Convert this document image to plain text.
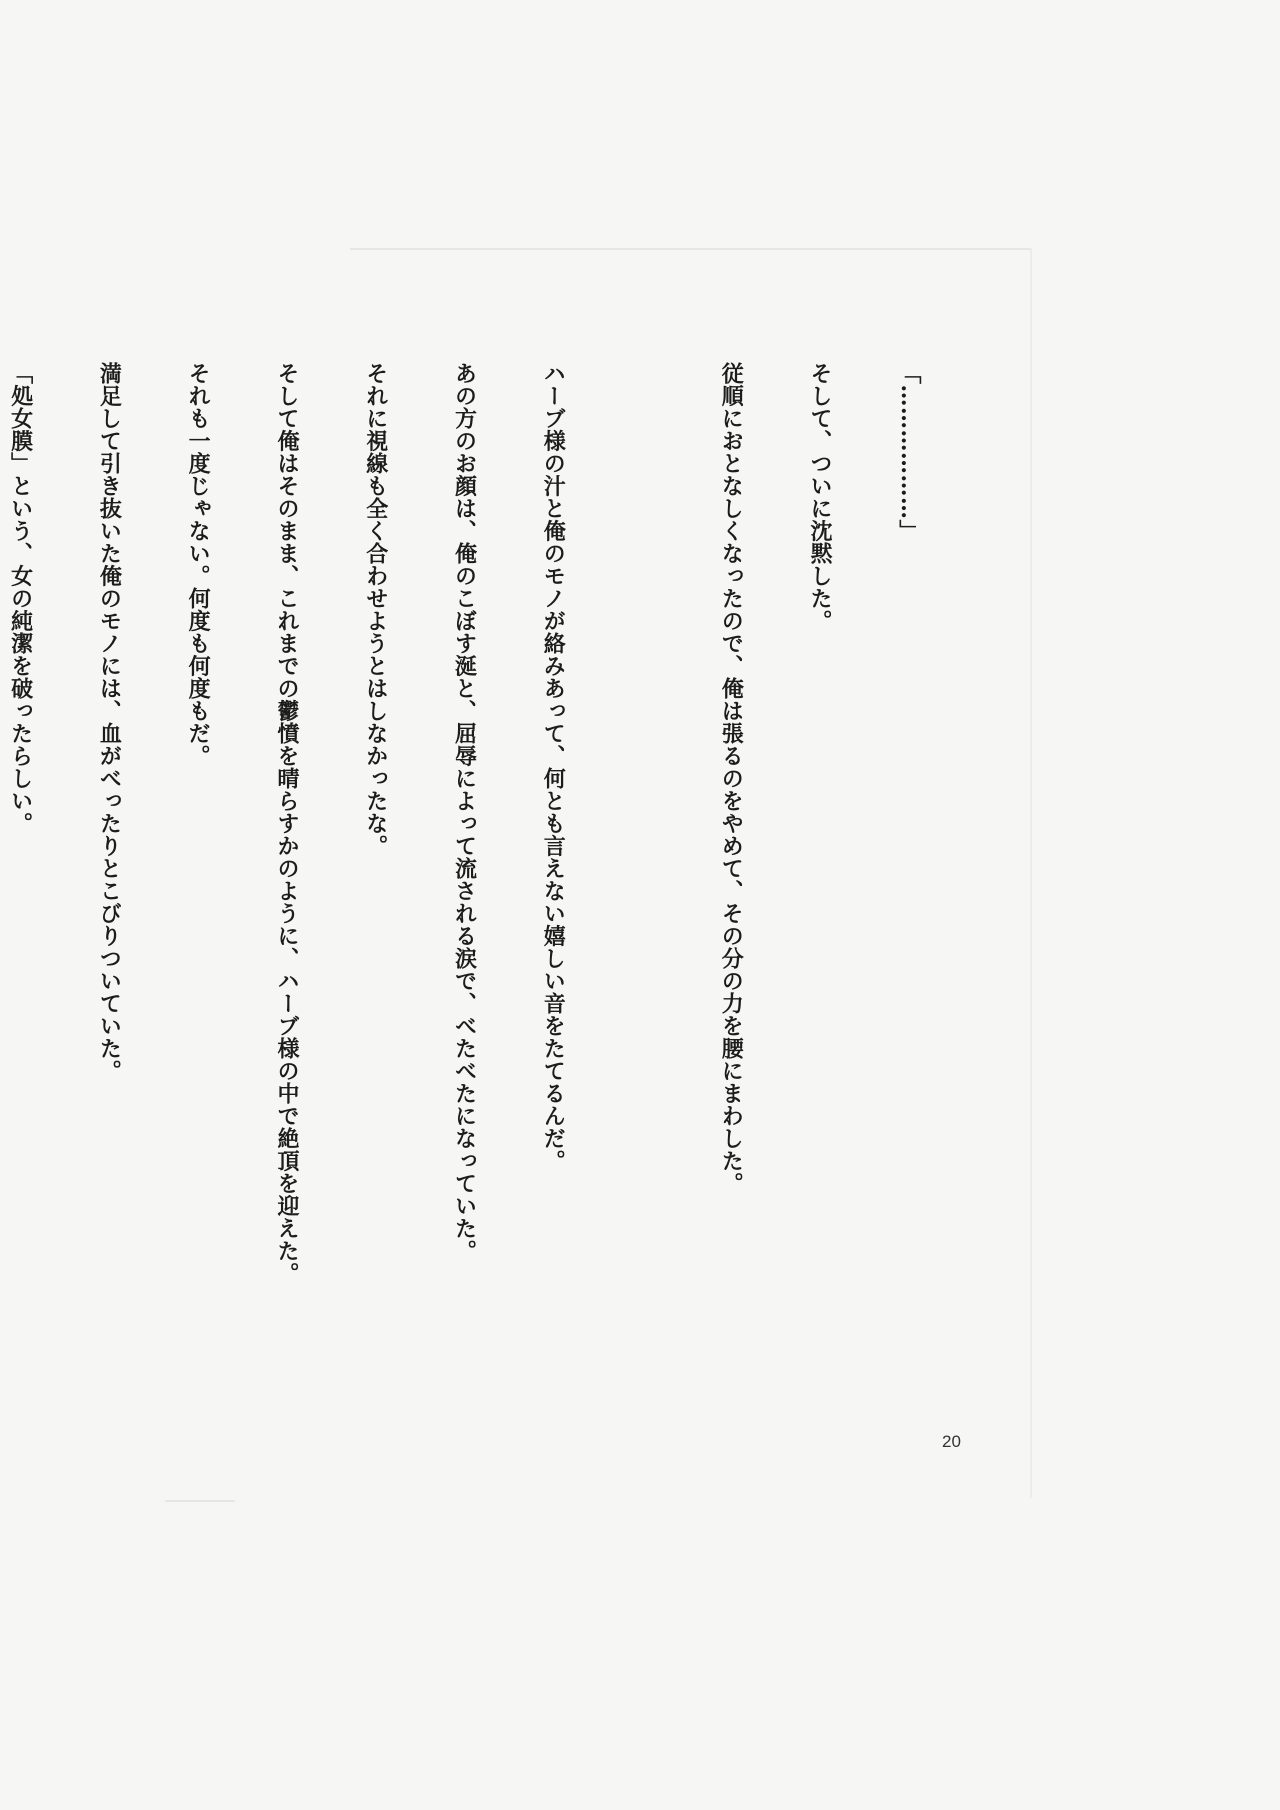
「………………」

そして、ついに沈黙した。

従順におとなしくなったので、俺は張るのをやめて、その分の力を腰にまわした。

ハーブ様の汁と俺のモノが絡みあって、何とも言えない嬉しい音をたてるんだ。

あの方のお顔は、俺のこぼす涎と、屈辱によって流される涙で、べたべたになっていた。

それに視線も全く合わせようとはしなかったな。

そして俺はそのまま、これまでの鬱憤を晴らすかのように、ハーブ様の中で絶頂を迎えた。

それも一度じゃない。何度も何度もだ。

満足して引き抜いた俺のモノには、血がべったりとこびりついていた。

「処女膜」という、女の純潔を破ったらしい。

20
